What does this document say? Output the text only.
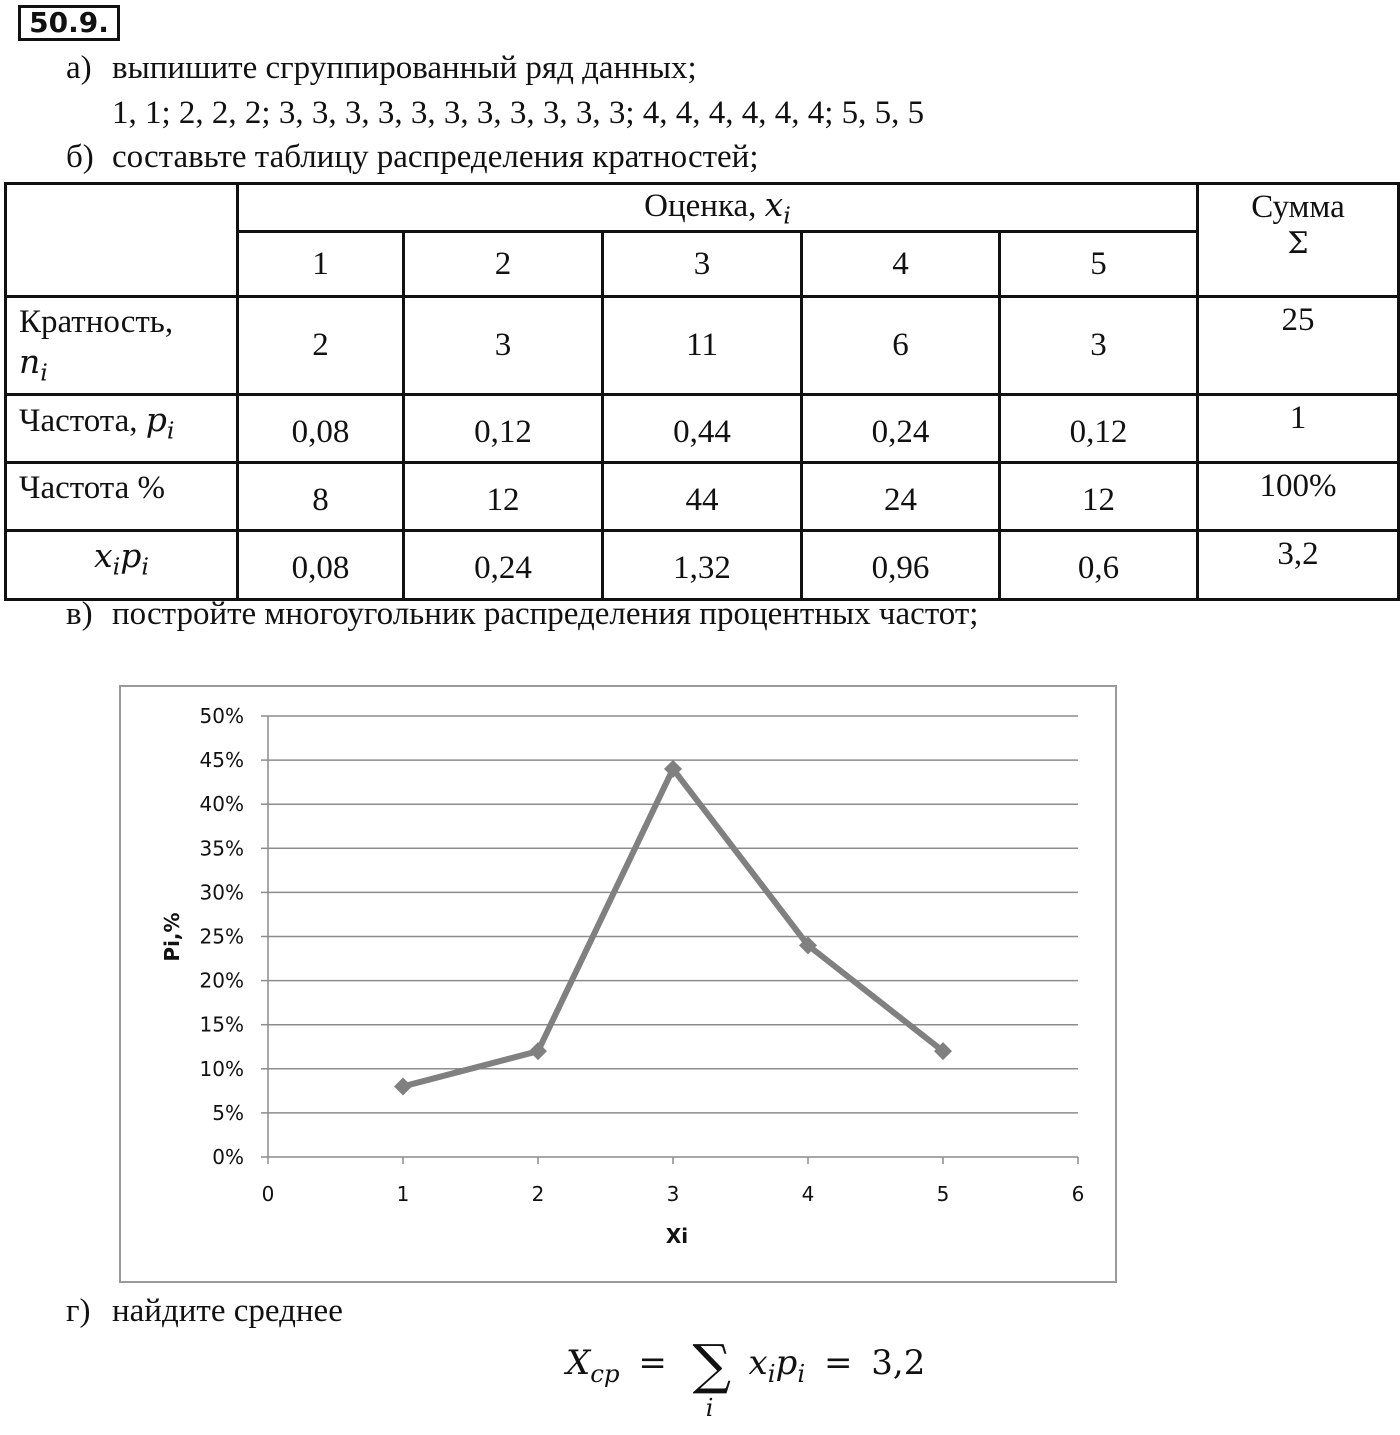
50.9.
а) выпишите сгруппированный ряд данных;
1, 1; 2, 2, 2; 3, 3, 3, 3, 3, 3, 3, 3, 3, 3, 3; 4, 4, 4, 4, 4, 4; 5, 5, 5
б) составьте таблицу распределения кратностей;
	Оценка, $x_i$					Сумма
Σ

	1	2	3	4	5	

Кратность,
$n_i$	2	3	11	6	3	25
Частота, $p_i$	0,08	0,12	0,44	0,24	0,12	1
Частота %	8	12	44	24	12	100%
$x_ip_i$	0,08	0,24	1,32	0,96	0,6	3,2
в) постройте многоугольник распределения процентных частот;
0%
5%
10%
15%
20%
25%
30%
35%
40%
45%
50%
0	1	2	3	4	5	6
Xi
Pi,%
г) найдите среднее
$X_{ср}$ = ∑
i
$x_ip_i = 3,2$
